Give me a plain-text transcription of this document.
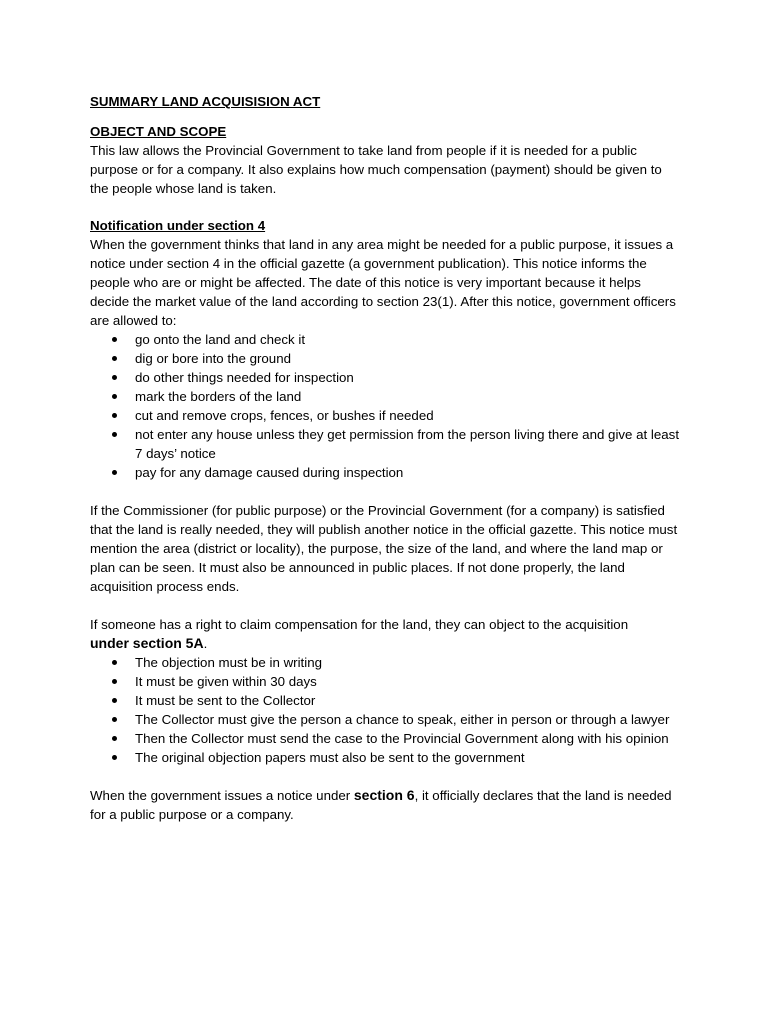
SUMMARY LAND ACQUISISION ACT
OBJECT AND SCOPE

This law allows the Provincial Government to take land from people if it is needed for a public purpose or for a company. It also explains how much compensation (payment) should be given to the people whose land is taken.

Notification under section 4

When the government thinks that land in any area might be needed for a public purpose, it issues a notice under section 4 in the official gazette (a government publication). This notice informs the people who are or might be affected. The date of this notice is very important because it helps decide the market value of the land according to section 23(1). After this notice, government officers are allowed to:

go onto the land and check it
dig or bore into the ground
do other things needed for inspection
mark the borders of the land
cut and remove crops, fences, or bushes if needed
not enter any house unless they get permission from the person living there and give at least 7 days’ notice
pay for any damage caused during inspection

If the Commissioner (for public purpose) or the Provincial Government (for a company) is satisfied that the land is really needed, they will publish another notice in the official gazette. This notice must mention the area (district or locality), the purpose, the size of the land, and where the land map or plan can be seen. It must also be announced in public places. If not done properly, the land acquisition process ends.

If someone has a right to claim compensation for the land, they can object to the acquisition
under section 5A.

The objection must be in writing
It must be given within 30 days
It must be sent to the Collector
The Collector must give the person a chance to speak, either in person or through a lawyer
Then the Collector must send the case to the Provincial Government along with his opinion
The original objection papers must also be sent to the government

When the government issues a notice under section 6, it officially declares that the land is needed for a public purpose or a company.
